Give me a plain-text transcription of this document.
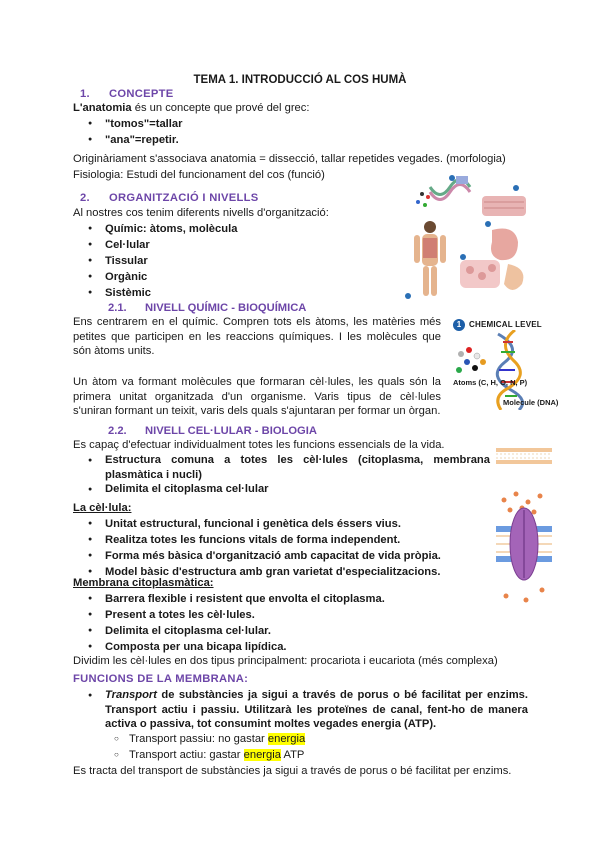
TEMA 1. INTRODUCCIÓ AL COS HUMÀ
1. CONCEPTE
L'anatomia és un concepte que prové del grec:
● "tomos"=tallar
● "ana"=repetir.
Originàriament s'associava anatomia = dissecció, tallar repetides vegades. (morfologia)
Fisiologia: Estudi del funcionament del cos (funció)
2. ORGANITZACIÓ I NIVELLS
Al nostres cos tenim diferents nivells d'organització:
● Químic: àtoms, molècula
● Cel·lular
● Tissular
● Orgànic
● Sistèmic
2.1. NIVELL QUÍMIC - BIOQUÍMICA
Ens centrarem en el químic. Compren tots els àtoms, les matèries més petites que participen en les reaccions químiques. I les molècules que són àtoms units.
Un àtom va formant molècules que formaran cèl·lules, les quals són la primera unitat organitzada d'un organisme. Varis tipus de cèl·lules s'uniran formant un teixit, varis dels quals s'ajuntaran per formar un òrgan.
1 CHEMICAL LEVEL
Atoms (C, H, O, N, P)
Molecule (DNA)
2.2. NIVELL CEL·LULAR - BIOLOGIA
Es capaç d'efectuar individualment totes les funcions essencials de la vida.
● Estructura comuna a totes les cèl·lules (citoplasma, membrana plasmàtica i nucli)
● Delimita el citoplasma cel·lular
La cèl·lula:
● Unitat estructural, funcional i genètica dels éssers vius.
● Realitza totes les funcions vitals de forma independent.
● Forma més bàsica d'organització amb capacitat de vida pròpia.
● Model bàsic d'estructura amb gran varietat d'especialitzacions.
Membrana citoplasmàtica:
● Barrera flexible i resistent que envolta el citoplasma.
● Present a totes les cèl·lules.
● Delimita el citoplasma cel·lular.
● Composta per una bicapa lipídica.
Dividim les cèl·lules en dos tipus principalment: procariota i eucariota (més complexa)
FUNCIONS DE LA MEMBRANA:
● Transport de substàncies ja sigui a través de porus o bé facilitat per enzims. Transport actiu i passiu. Utilitzarà les proteïnes de canal, fent-ho de manera activa o passiva, tot consumint moltes vegades energia (ATP).
○ Transport passiu: no gastar energia
○ Transport actiu: gastar energia ATP
Es tracta del transport de substàncies ja sigui a través de porus o bé facilitat per enzims.
